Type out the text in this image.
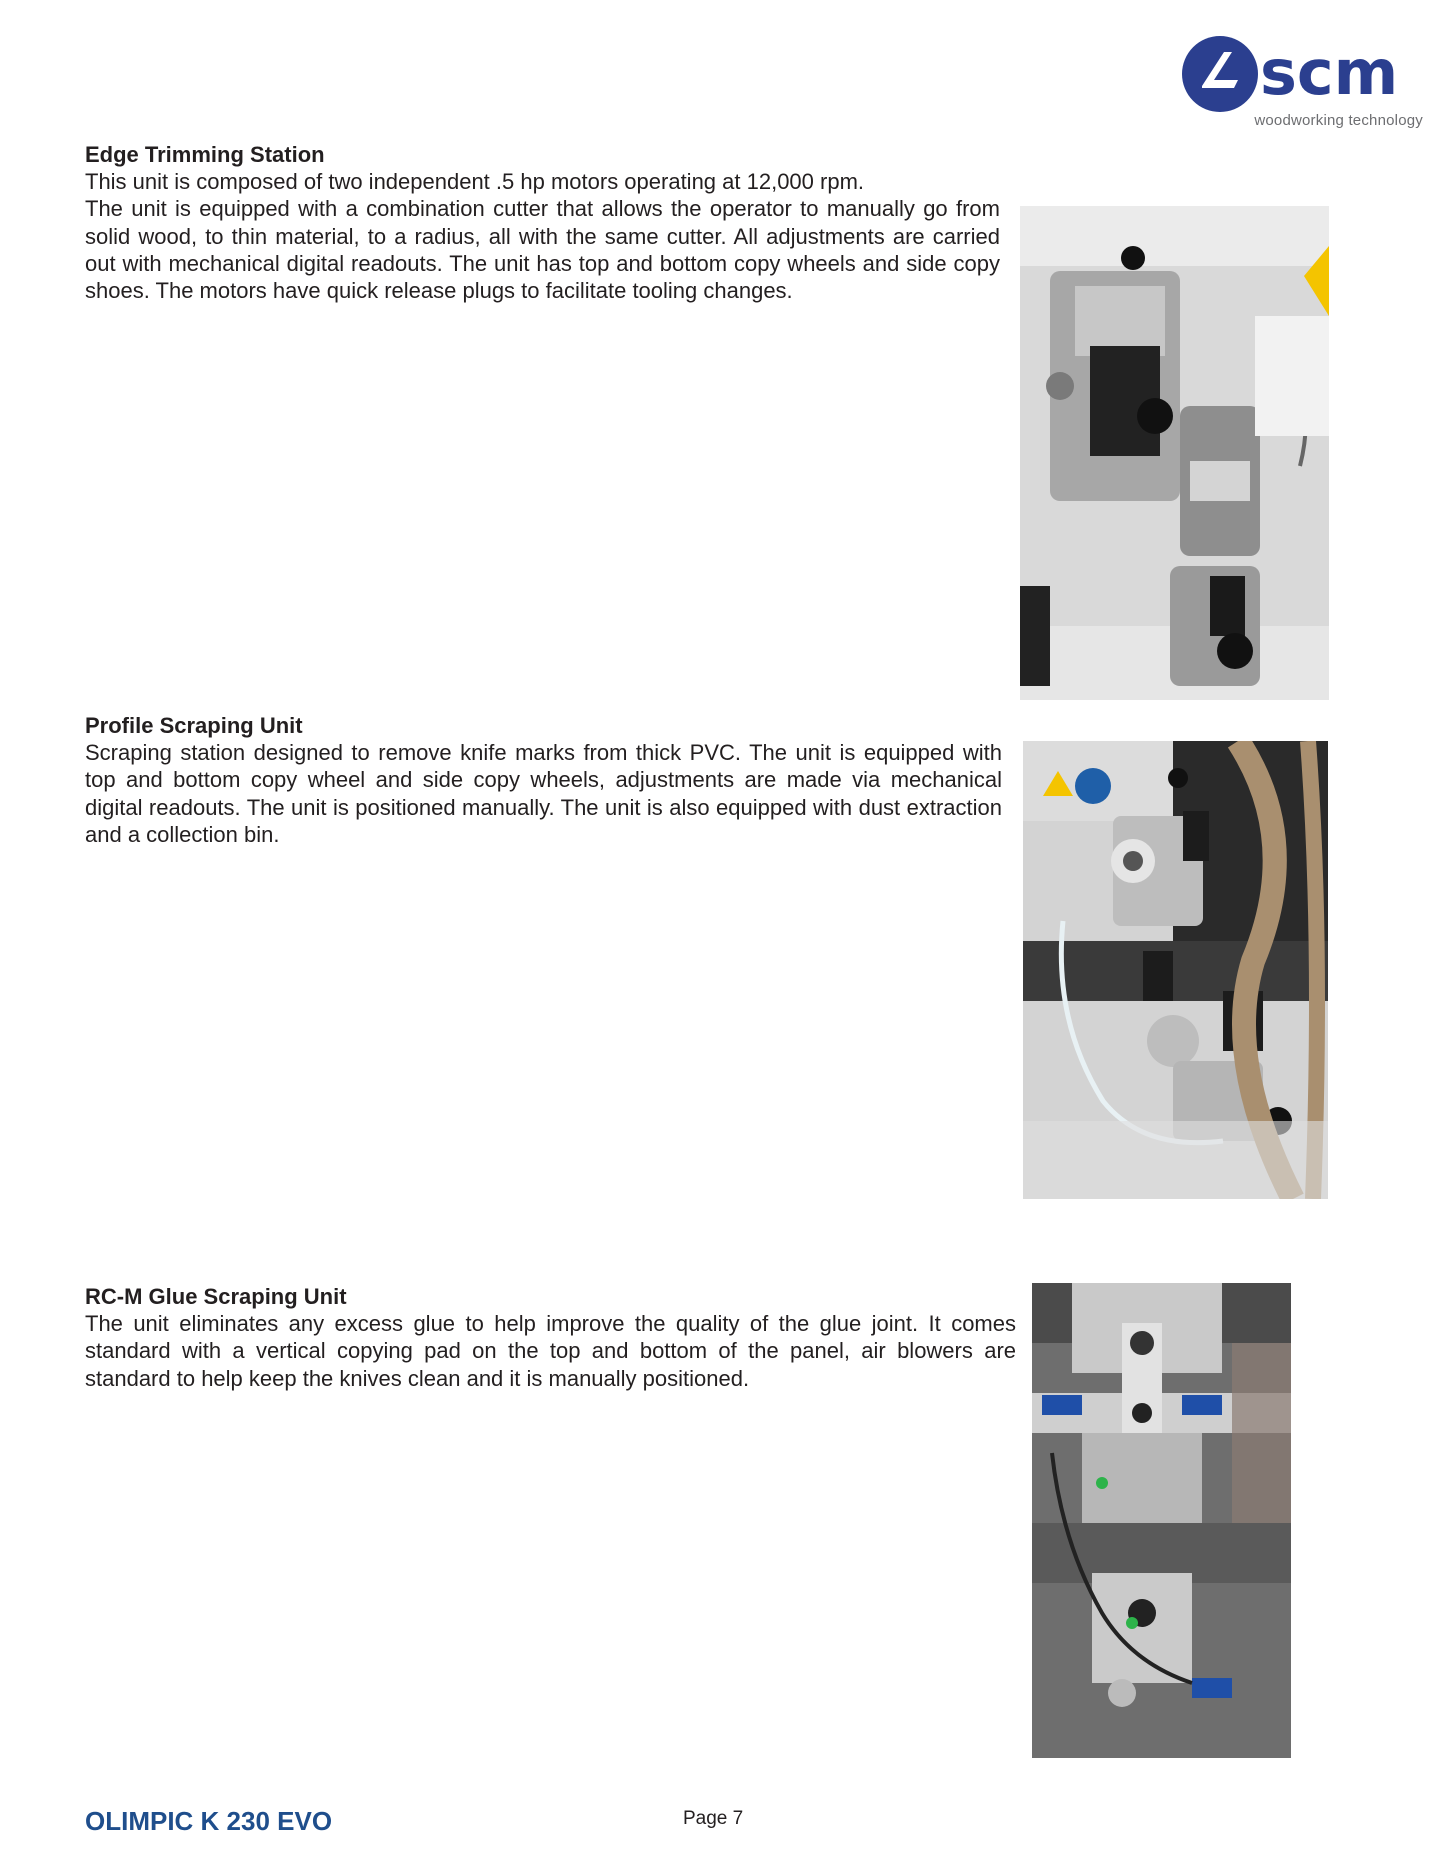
scm
woodworking technology
Edge Trimming Station

This unit is composed of two independent .5 hp motors operating at 12,000 rpm.

The unit is equipped with a combination cutter that allows the operator to manually go from solid wood, to thin material, to a radius, all with the same cutter. All adjustments are carried out with mechanical digital readouts. The unit has top and bottom copy wheels and side copy shoes. The motors have quick release plugs to facilitate tooling changes.

Profile Scraping Unit

Scraping station designed to remove knife marks from thick PVC. The unit is equipped with top and bottom copy wheel and side copy wheels, adjustments are made via mechanical digital readouts. The unit is positioned manually. The unit is also equipped with dust extraction and a collection bin.

RC-M Glue Scraping Unit

The unit eliminates any excess glue to help improve the quality of the glue joint. It comes standard with a vertical copying pad on the top and bottom of the panel, air blowers are standard to help keep the knives clean and it is manually positioned.

OLIMPIC K 230 EVO	Page 7
